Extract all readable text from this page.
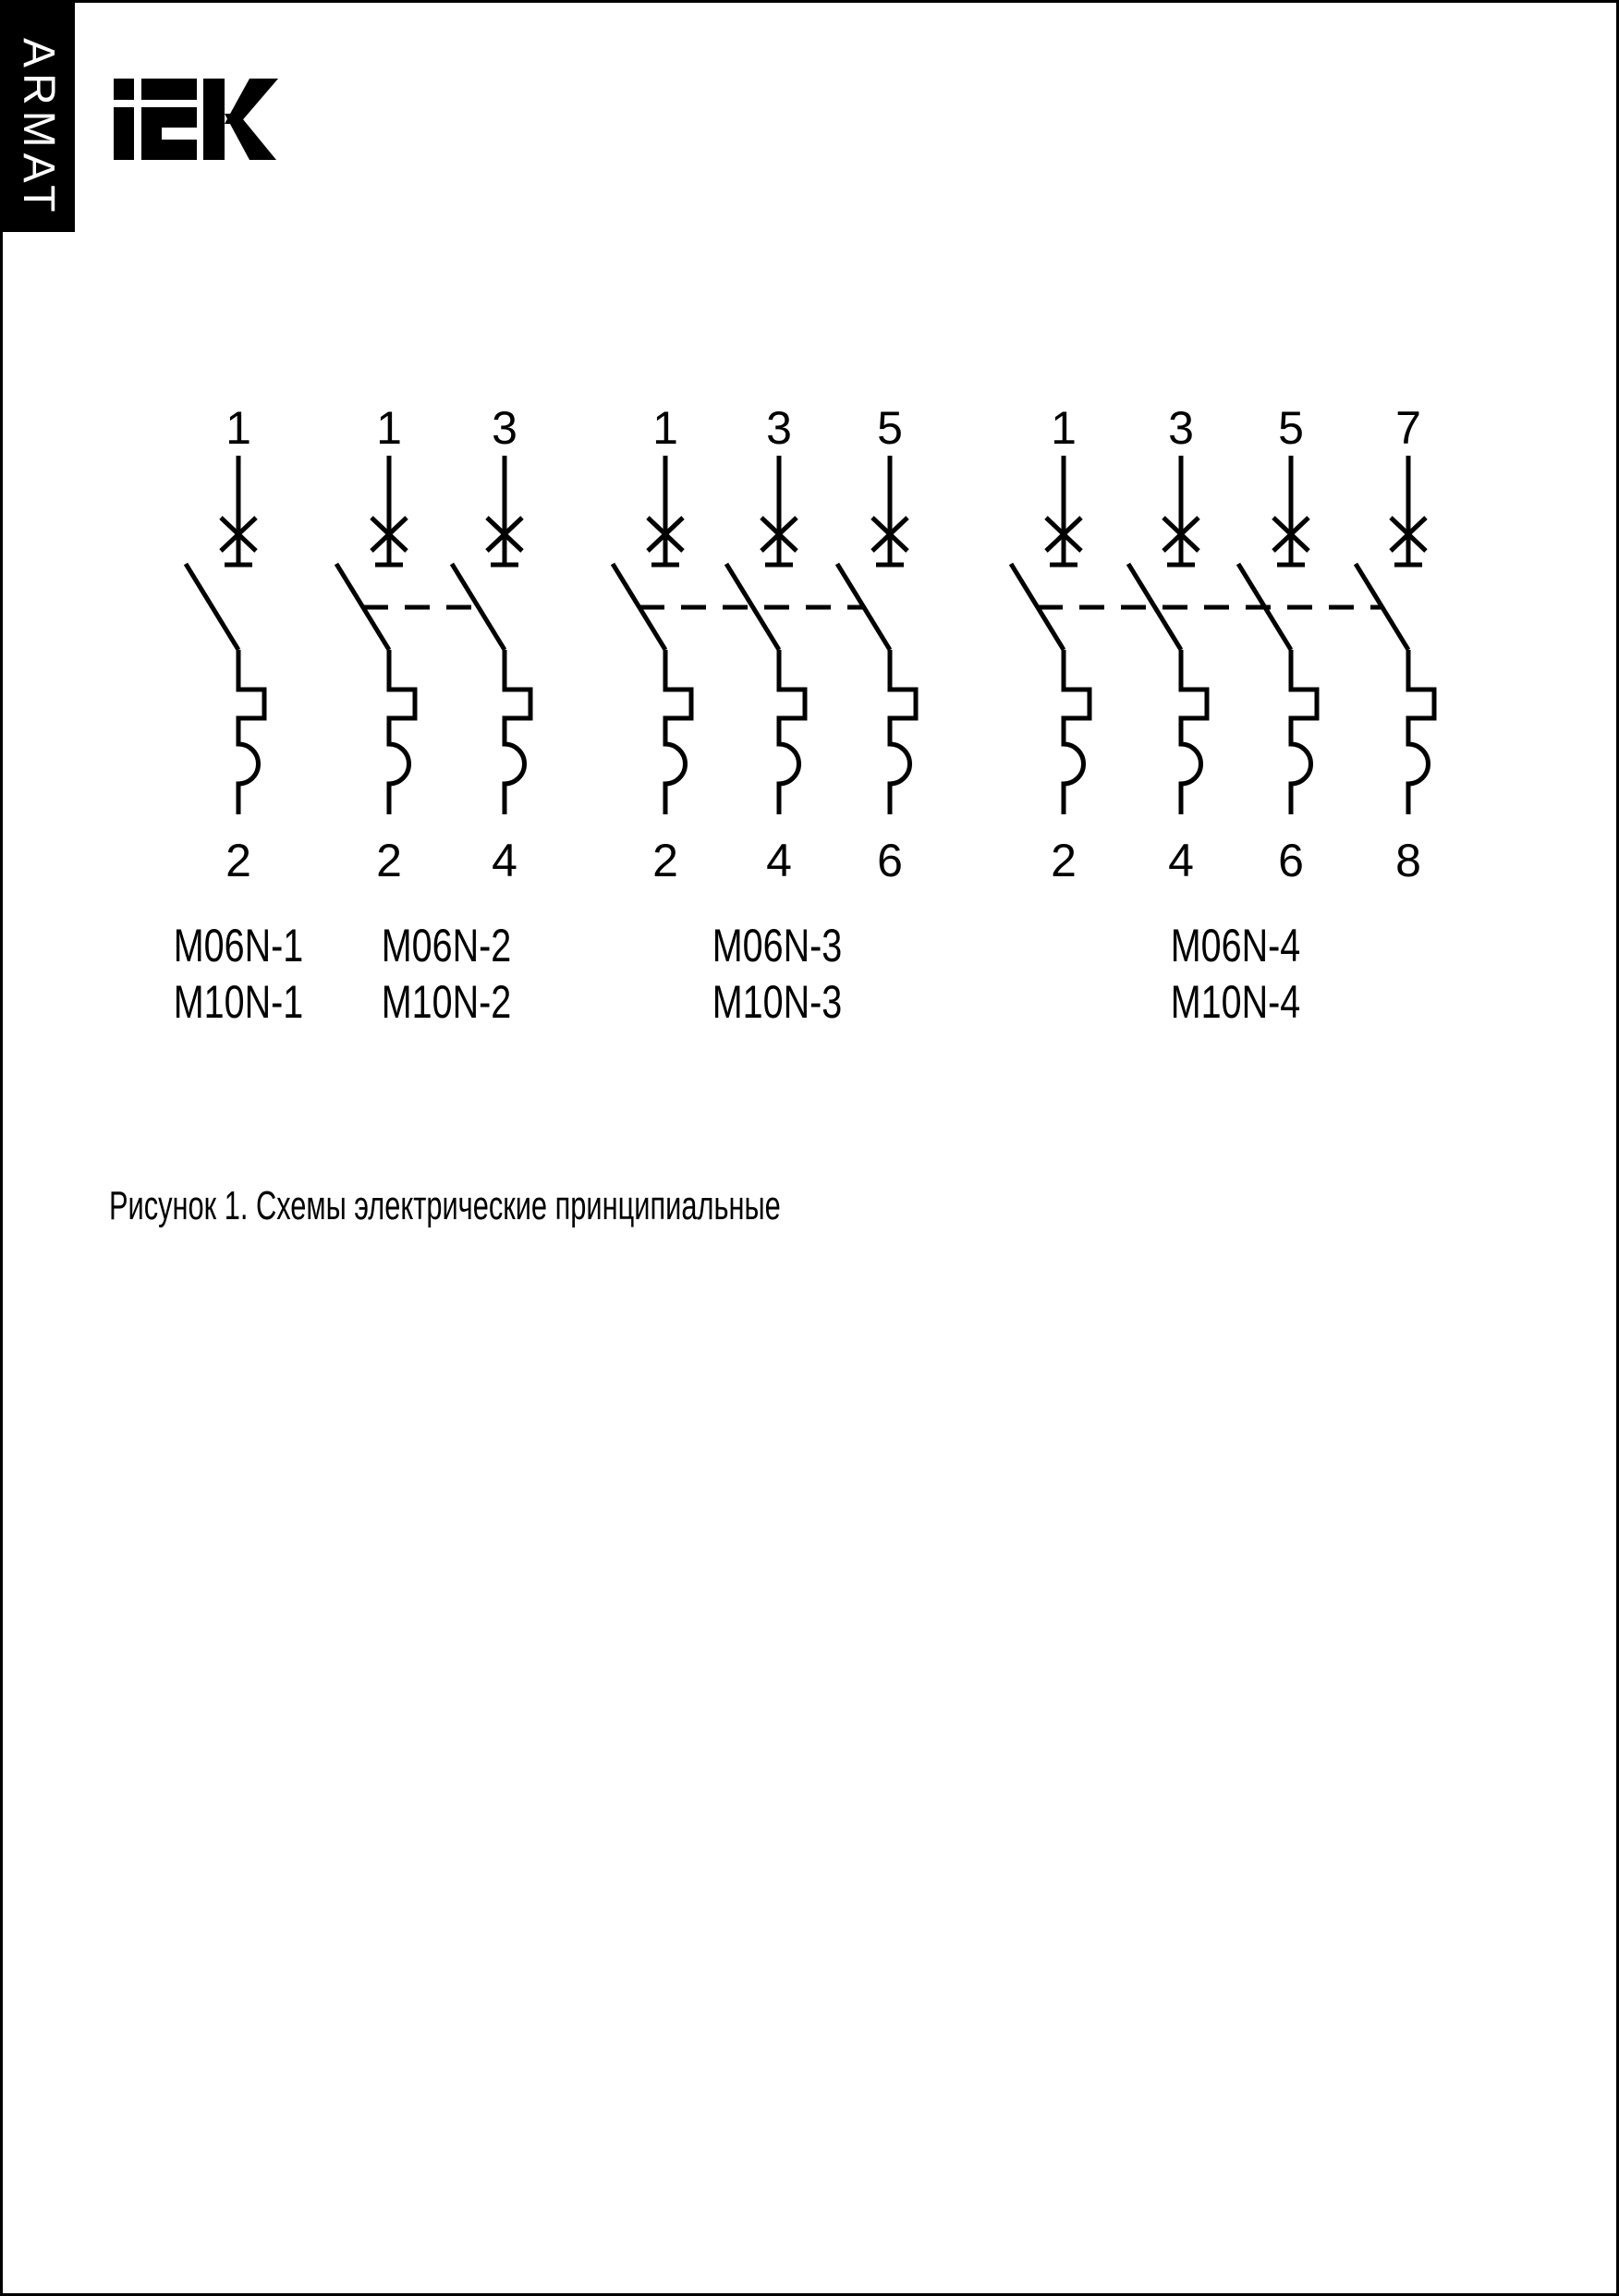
ARMAT
1
2
1
2
3
4
1
2
3
4
5
6
1
2
3
4
5
6
7
8
M06N-1
M10N-1
M06N-2
M10N-2
M06N-3
M10N-3
M06N-4
M10N-4
Рисунок 1. Схемы электрические принципиальные
